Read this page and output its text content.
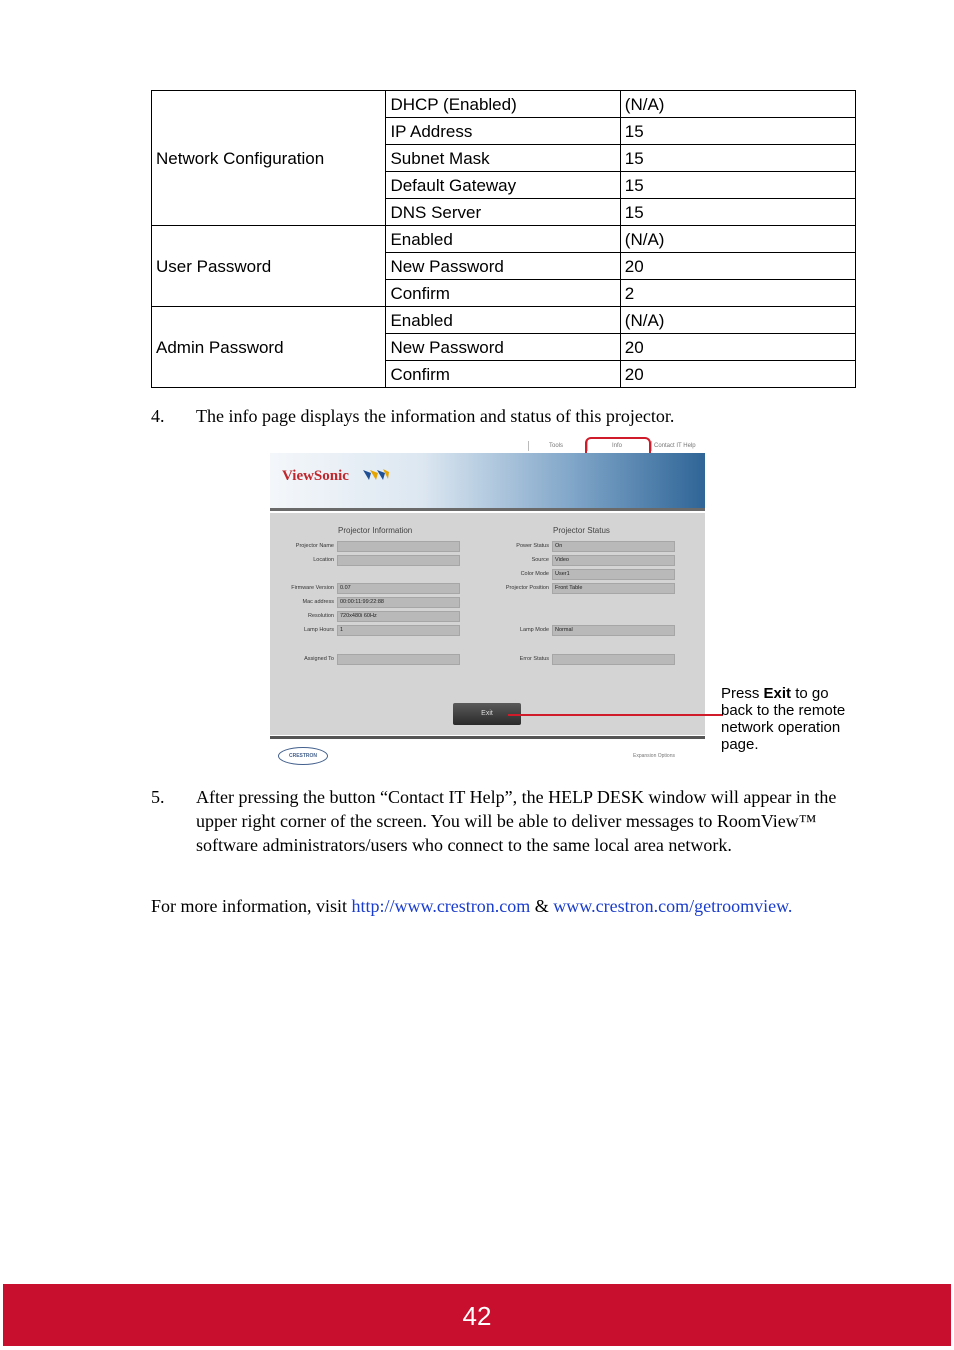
Network Configuration	DHCP (Enabled)	(N/A)
	IP Address	15
	Subnet Mask	15
	Default Gateway	15
	DNS Server	15
User Password	Enabled	(N/A)
	New Password	20
	Confirm	2
Admin Password	Enabled	(N/A)
	New Password	20
	Confirm	20
4. The info page displays the information and status of this projector.
Tools	Info	Contact IT Help
ViewSonic
Projector Information	Projector Status
Projector Name
Location
Firmware Version	0.07
Mac address	00:00:11:99:22:88
Resolution	720x480i 60Hz
Lamp Hours	1
Assigned To
Power Status	On
Source	Video
Color Mode	User1
Projector Position	Front Table
Lamp Mode	Normal
Error Status
Exit
CRESTRON	Expansion Options
Press Exit to go back to the remote network operation page.
5. After pressing the button “Contact IT Help”, the HELP DESK window will appear in the upper right corner of the screen. You will be able to deliver messages to RoomView™ software administrators/users who connect to the same local area network.
For more information, visit http://www.crestron.com & www.crestron.com/getroomview.
42
